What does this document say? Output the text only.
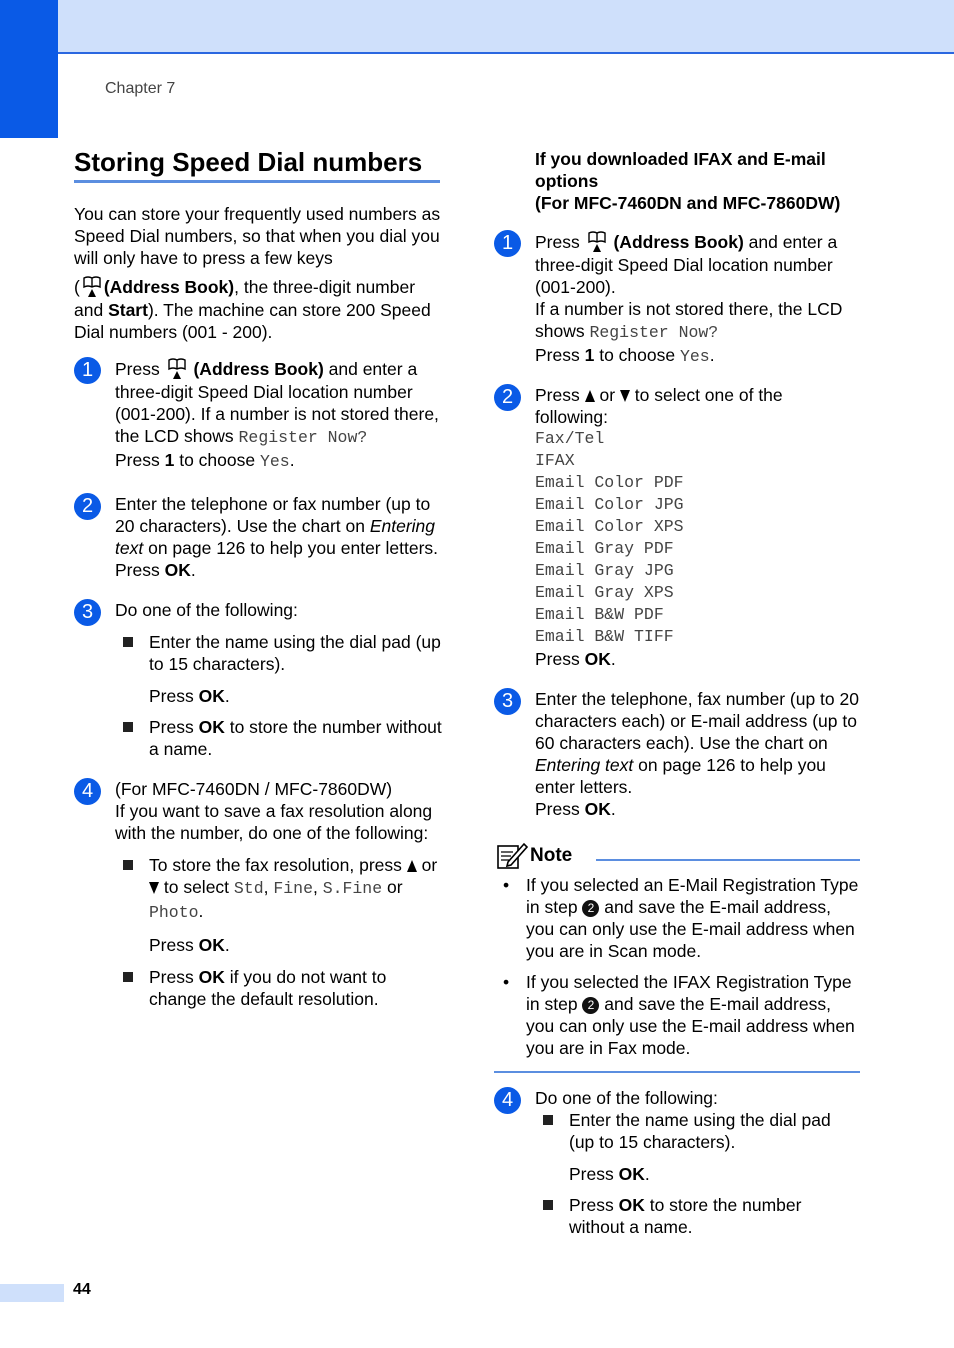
Chapter 7
Storing Speed Dial numbers

You can store your frequently used numbers as Speed Dial numbers, so that when you dial you will only have to press a few keys

( (Address Book), the three-digit number and Start). The machine can store 200 Speed Dial numbers (001 - 200).

1	Press (Address Book) and enter a three-digit Speed Dial location number (001-200). If a number is not stored there, the LCD shows Register Now?

Press 1 to choose Yes.

2	Enter the telephone or fax number (up to 20 characters). Use the chart on Entering text on page 126 to help you enter letters.

Press OK.

3	Do one of the following:

Enter the name using the dial pad (up to 15 characters).

Press OK.

Press OK to store the number without a name.

4	(For MFC-7460DN / MFC-7860DW)

If you want to save a fax resolution along with the number, do one of the following:

To store the fax resolution, press  or  to select Std, Fine, S.Fine or Photo.

Press OK.

Press OK if you do not want to change the default resolution.

If you downloaded IFAX and E-mail options
(For MFC-7460DN and MFC-7860DW)
1	Press (Address Book) and enter a three-digit Speed Dial location number (001-200).

If a number is not stored there, the LCD shows Register Now?

Press 1 to choose Yes.

2	Press  or  to select one of the following:

Fax/Tel
IFAX
Email Color PDF
Email Color JPG
Email Color XPS
Email Gray PDF
Email Gray JPG
Email Gray XPS
Email B&W PDF
Email B&W TIFF

Press OK.

3	Enter the telephone, fax number (up to 20 characters each) or E-mail address (up to 60 characters each). Use the chart on Entering text on page 126 to help you enter letters.

Press OK.

Note

• If you selected an E-Mail Registration Type in step 2 and save the E-mail address, you can only use the E-mail address when you are in Scan mode.

• If you selected the IFAX Registration Type in step 2 and save the E-mail address, you can only use the E-mail address when you are in Fax mode.

4	Do one of the following:

Enter the name using the dial pad (up to 15 characters).

Press OK.

Press OK to store the number without a name.

44
